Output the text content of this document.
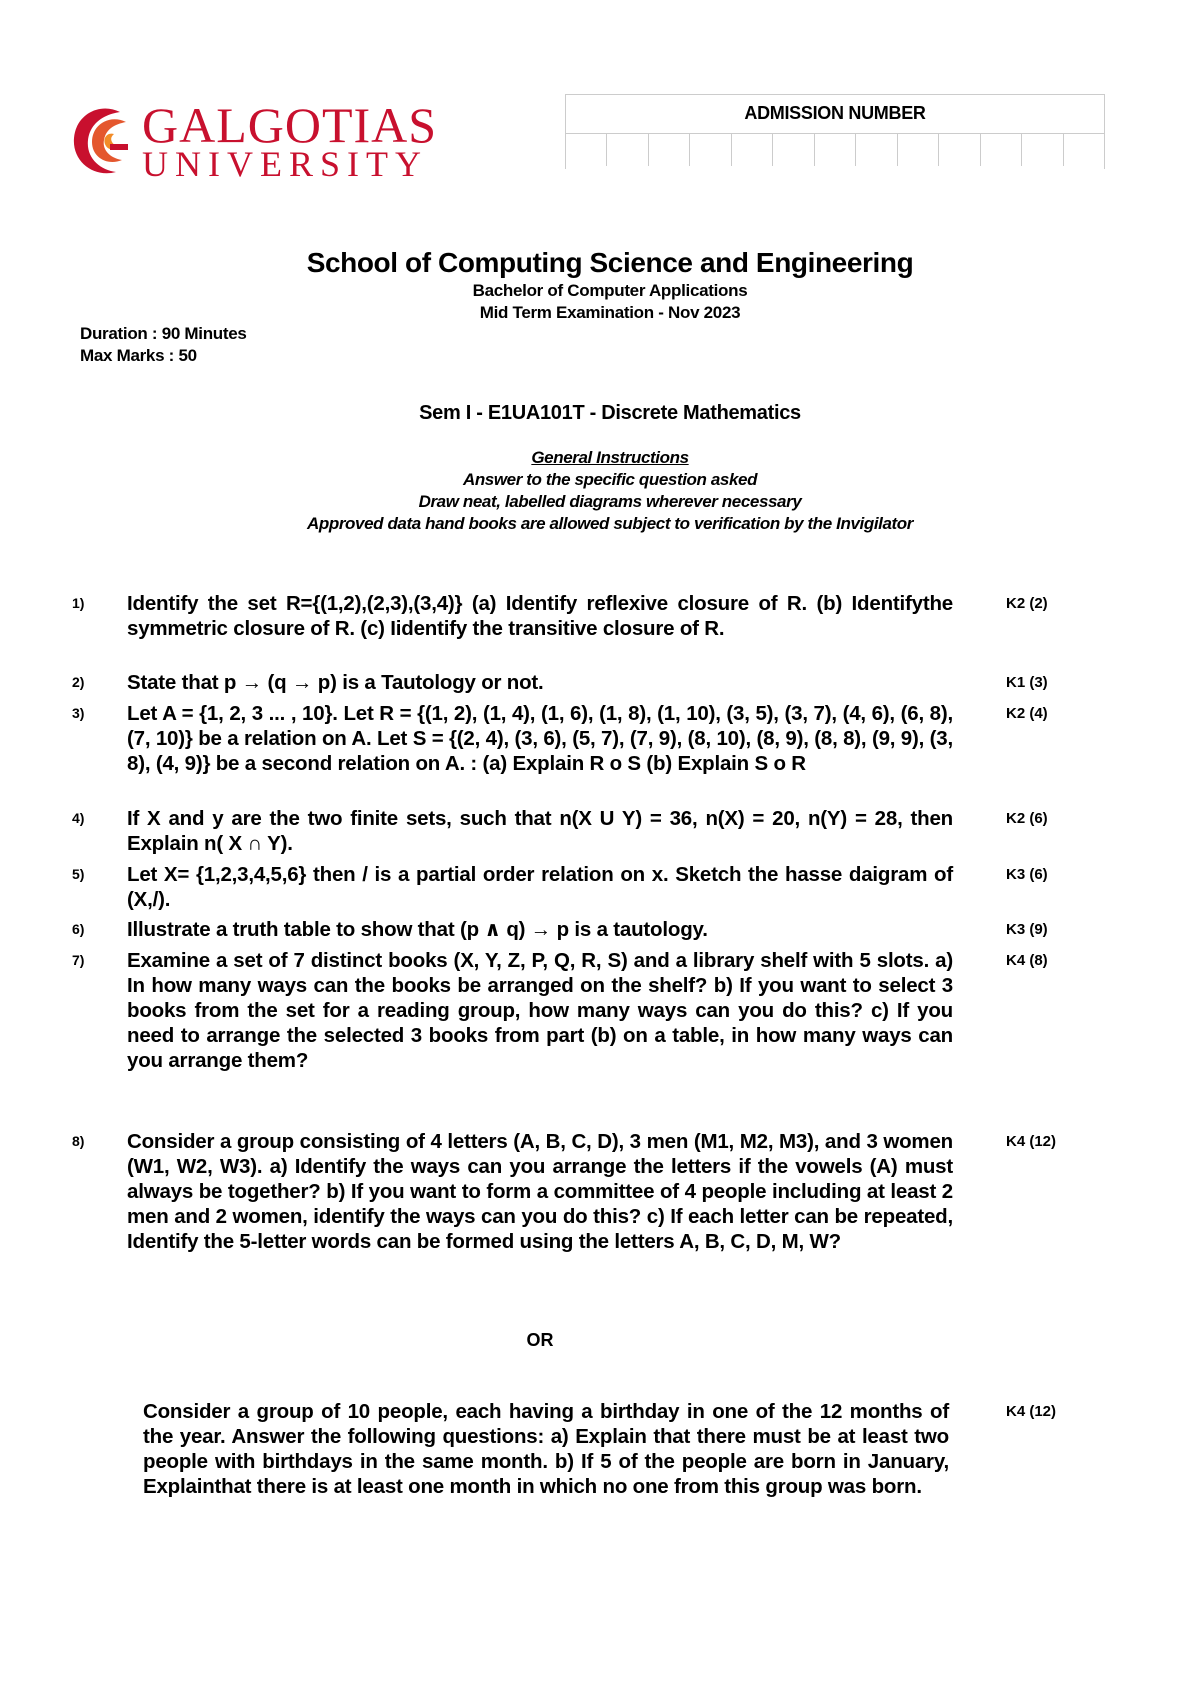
GALGOTIAS
UNIVERSITY
ADMISSION NUMBER
School of Computing Science and Engineering
Bachelor of Computer Applications
Mid Term Examination - Nov 2023
Duration : 90 Minutes
Max Marks : 50
Sem I - E1UA101T - Discrete Mathematics
General Instructions
Answer to the specific question asked
Draw neat, labelled diagrams wherever necessary
Approved data hand books are allowed subject to verification by the Invigilator
1) Identify the set R={(1,2),(2,3),(3,4)} (a) Identify reflexive closure of R. (b) Identifythe symmetric closure of R. (c) Iidentify the transitive closure of R.
K2 (2)
2) State that p → (q → p) is a Tautology or not.	K1 (3)
3) Let A = {1, 2, 3 ... , 10}. Let R = {(1, 2), (1, 4), (1, 6), (1, 8), (1, 10), (3, 5), (3, 7), (4, 6), (6, 8), (7, 10)} be a relation on A. Let S = {(2, 4), (3, 6), (5, 7), (7, 9), (8, 10), (8, 9), (8, 8), (9, 9), (3, 8), (4, 9)} be a second relation on A. : (a) Explain R o S (b) Explain S o R
K2 (4)
4) If X and y are the two finite sets, such that n(X U Y) = 36, n(X) = 20, n(Y) = 28, then Explain n( X ∩ Y).
K2 (6)
5) Let X= {1,2,3,4,5,6} then / is a partial order relation on x. Sketch the hasse daigram of (X,/).
K3 (6)
6) Illustrate a truth table to show that (p ∧ q) → p is a tautology.	K3 (9)
7) Examine a set of 7 distinct books (X, Y, Z, P, Q, R, S) and a library shelf with 5 slots. a) In how many ways can the books be arranged on the shelf? b) If you want to select 3 books from the set for a reading group, how many ways can you do this? c) If you need to arrange the selected 3 books from part (b) on a table, in how many ways can you arrange them?
K4 (8)
8) Consider a group consisting of 4 letters (A, B, C, D), 3 men (M1, M2, M3), and 3 women (W1, W2, W3). a) Identify the ways can you arrange the letters if the vowels (A) must always be together? b) If you want to form a committee of 4 people including at least 2 men and 2 women, identify the ways can you do this? c) If each letter can be repeated, Identify the 5-letter words can be formed using the letters A, B, C, D, M, W?
K4 (12)
OR
Consider a group of 10 people, each having a birthday in one of the 12 months of the year. Answer the following questions: a) Explain that there must be at least two people with birthdays in the same month. b) If 5 of the people are born in January, Explainthat there is at least one month in which no one from this group was born.
K4 (12)
